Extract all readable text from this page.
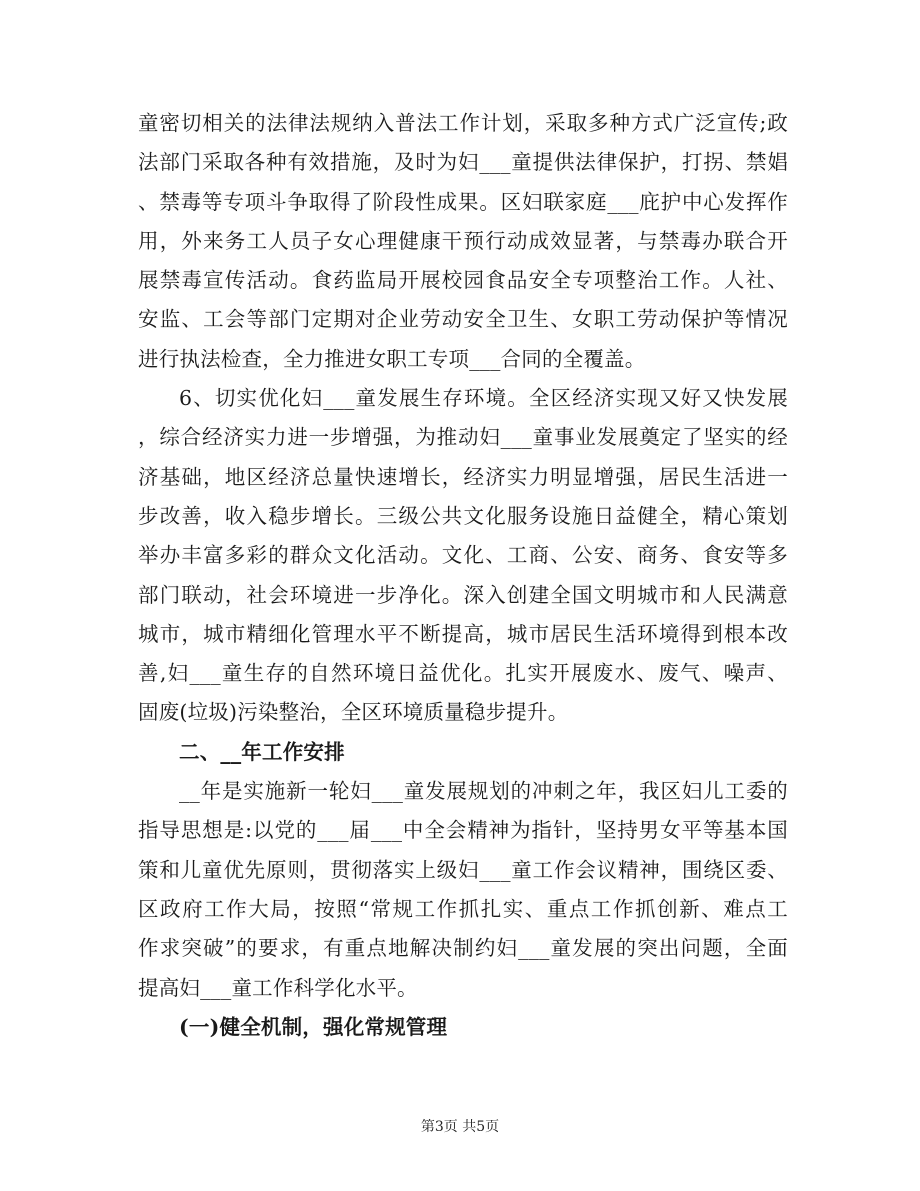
童密切相关的法律法规纳入普法工作计划，采取多种方式广泛宣传;政
法部门采取各种有效措施，及时为妇___童提供法律保护，打拐、禁娼
、禁毒等专项斗争取得了阶段性成果。区妇联家庭___庇护中心发挥作
用，外来务工人员子女心理健康干预行动成效显著，与禁毒办联合开
展禁毒宣传活动。食药监局开展校园食品安全专项整治工作。人社、
安监、工会等部门定期对企业劳动安全卫生、女职工劳动保护等情况
进行执法检查，全力推进女职工专项___合同的全覆盖。
6、切实优化妇___童发展生存环境。全区经济实现又好又快发展
，综合经济实力进一步增强，为推动妇___童事业发展奠定了坚实的经
济基础，地区经济总量快速增长，经济实力明显增强，居民生活进一
步改善，收入稳步增长。三级公共文化服务设施日益健全，精心策划
举办丰富多彩的群众文化活动。文化、工商、公安、商务、食安等多
部门联动，社会环境进一步净化。深入创建全国文明城市和人民满意
城市，城市精细化管理水平不断提高，城市居民生活环境得到根本改
善,妇___童生存的自然环境日益优化。扎实开展废水、废气、噪声、
固废(垃圾)污染整治，全区环境质量稳步提升。
二、__年工作安排
__年是实施新一轮妇___童发展规划的冲刺之年，我区妇儿工委的
指导思想是:以党的___届___中全会精神为指针，坚持男女平等基本国
策和儿童优先原则，贯彻落实上级妇___童工作会议精神，围绕区委、
区政府工作大局，按照“常规工作抓扎实、重点工作抓创新、难点工
作求突破”的要求，有重点地解决制约妇___童发展的突出问题，全面
提高妇___童工作科学化水平。
(一)健全机制，强化常规管理
第3页 共5页
